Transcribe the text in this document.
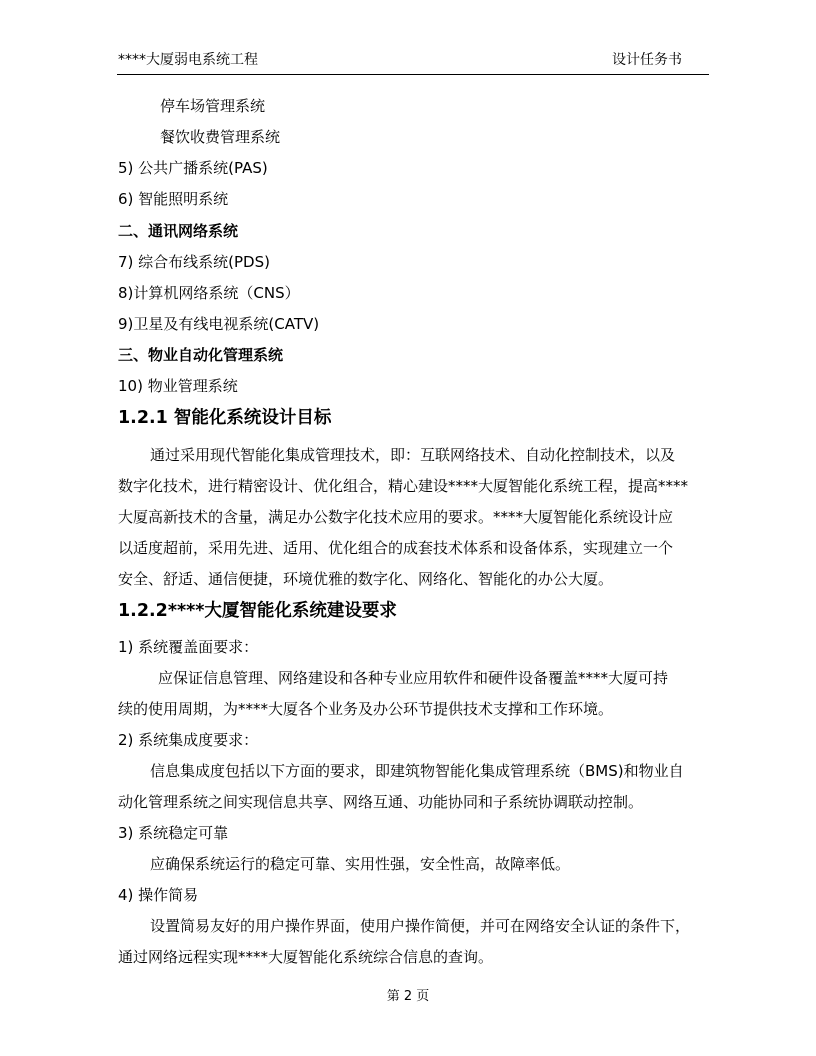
****大厦弱电系统工程	设计任务书
停车场管理系统
餐饮收费管理系统
5) 公共广播系统(PAS)
6) 智能照明系统
二、通讯网络系统
7) 综合布线系统(PDS)
8)计算机网络系统（CNS）
9)卫星及有线电视系统(CATV)
三、物业自动化管理系统
10) 物业管理系统
1.2.1 智能化系统设计目标
通过采用现代智能化集成管理技术，即：互联网络技术、自动化控制技术，以及
数字化技术，进行精密设计、优化组合，精心建设****大厦智能化系统工程，提高****
大厦高新技术的含量，满足办公数字化技术应用的要求。****大厦智能化系统设计应
以适度超前，采用先进、适用、优化组合的成套技术体系和设备体系，实现建立一个
安全、舒适、通信便捷，环境优雅的数字化、网络化、智能化的办公大厦。
1.2.2****大厦智能化系统建设要求
1) 系统覆盖面要求：
应保证信息管理、网络建设和各种专业应用软件和硬件设备覆盖****大厦可持
续的使用周期，为****大厦各个业务及办公环节提供技术支撑和工作环境。
2) 系统集成度要求：
信息集成度包括以下方面的要求，即建筑物智能化集成管理系统（BMS)和物业自
动化管理系统之间实现信息共享、网络互通、功能协同和子系统协调联动控制。
3) 系统稳定可靠
应确保系统运行的稳定可靠、实用性强，安全性高，故障率低。
4) 操作简易
设置简易友好的用户操作界面，使用户操作简便，并可在网络安全认证的条件下，
通过网络远程实现****大厦智能化系统综合信息的查询。
第 2 页
